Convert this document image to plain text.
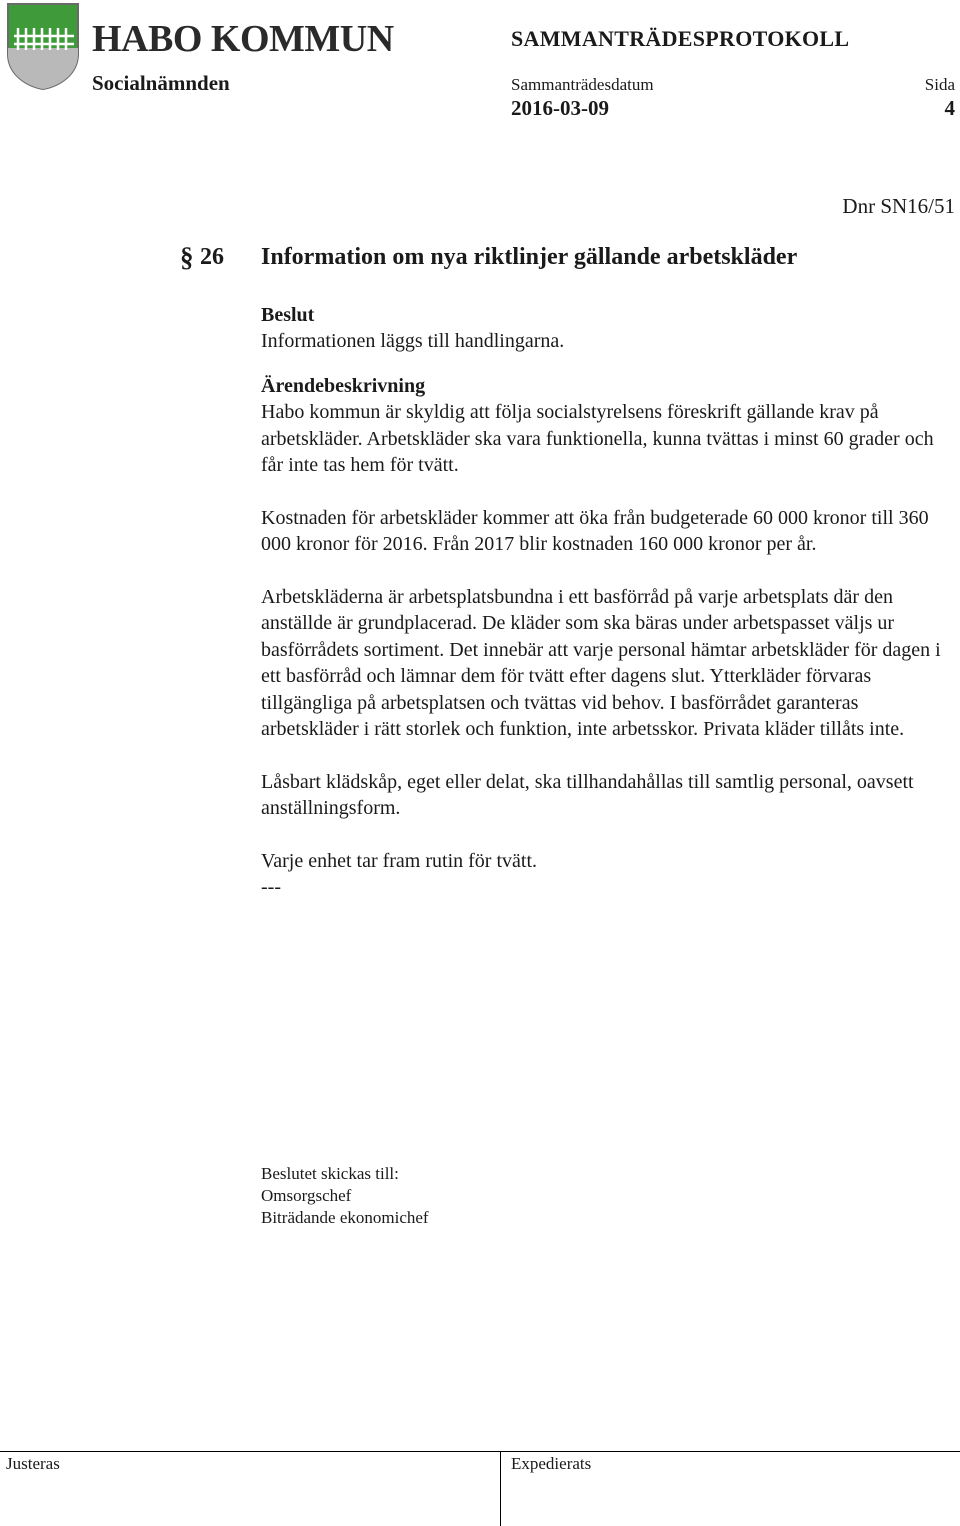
HABO KOMMUN
Socialnämnden
SAMMANTRÄDESPROTOKOLL
Sammanträdesdatum
2016-03-09
Sida
4
Dnr SN16/51
§ 26 Information om nya riktlinjer gällande arbetskläder
Beslut

Informationen läggs till handlingarna.

Ärendebeskrivning

Habo kommun är skyldig att följa socialstyrelsens föreskrift gällande krav på arbetskläder. Arbetskläder ska vara funktionella, kunna tvättas i minst 60 grader och får inte tas hem för tvätt.

Kostnaden för arbetskläder kommer att öka från budgeterade 60 000 kronor till 360 000 kronor för 2016. Från 2017 blir kostnaden 160 000 kronor per år.

Arbetskläderna är arbetsplatsbundna i ett basförråd på varje arbetsplats där den anställde är grundplacerad. De kläder som ska bäras under arbetspasset väljs ur basförrådets sortiment. Det innebär att varje personal hämtar arbetskläder för dagen i ett basförråd och lämnar dem för tvätt efter dagens slut. Ytterkläder förvaras tillgängliga på arbetsplatsen och tvättas vid behov. I basförrådet garanteras arbetskläder i rätt storlek och funktion, inte arbetsskor. Privata kläder tillåts inte.

Låsbart klädskåp, eget eller delat, ska tillhandahållas till samtlig personal, oavsett anställningsform.

Varje enhet tar fram rutin för tvätt.

---

Beslutet skickas till:
Omsorgschef
Biträdande ekonomichef
Justeras	Expedierats
